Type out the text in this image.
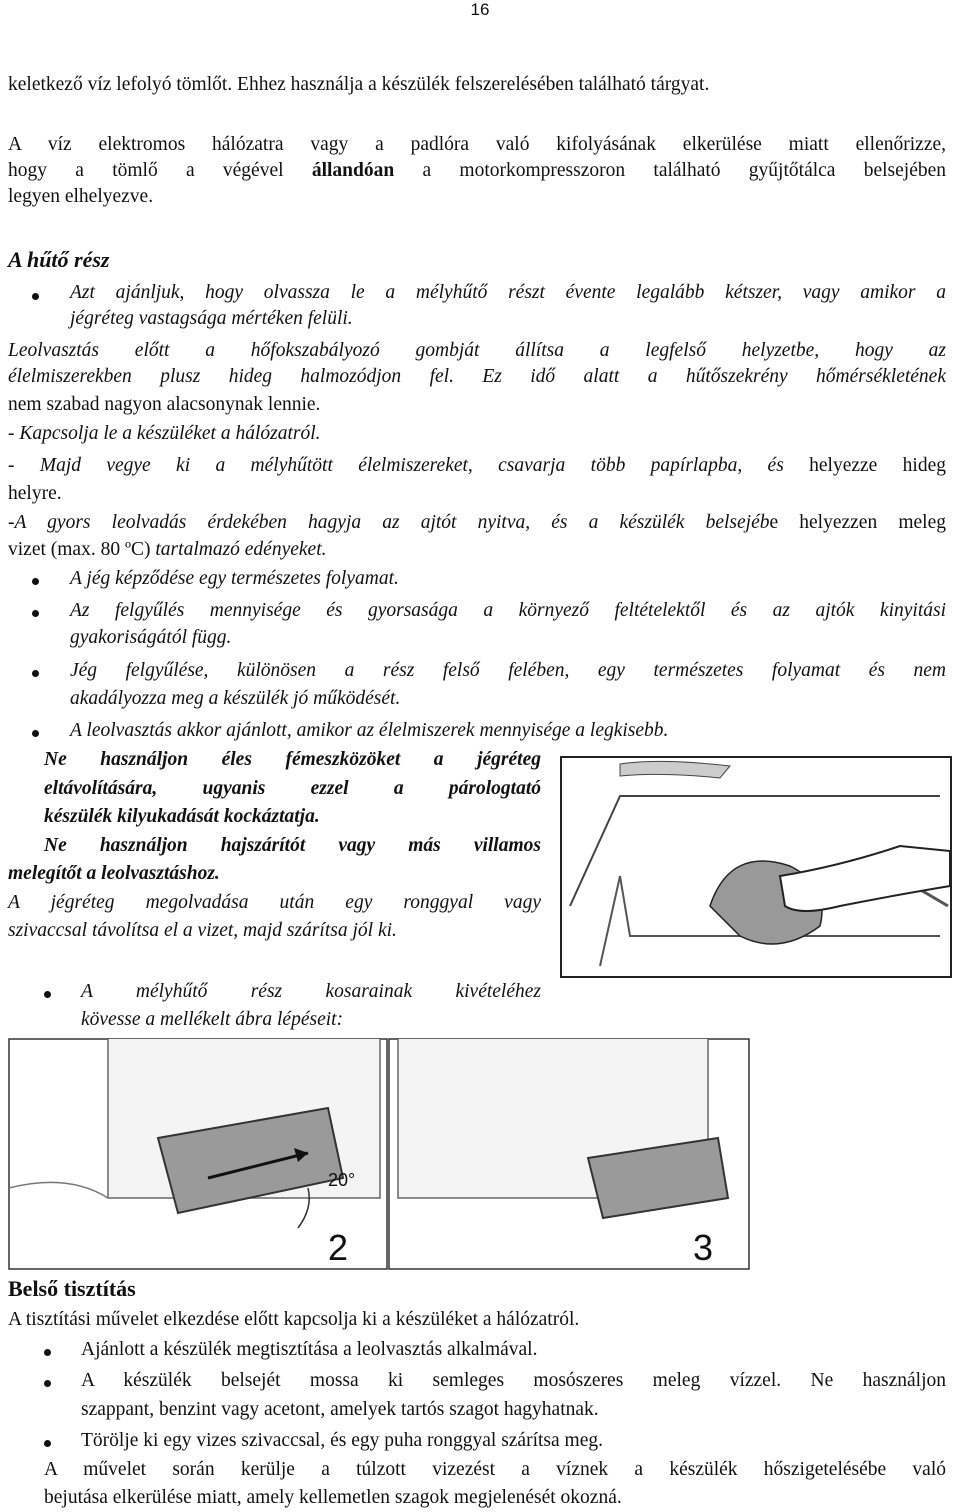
16
keletkező víz lefolyó tömlőt. Ehhez használja a készülék felszerelésében található tárgyat.
A víz elektromos hálózatra vagy a padlóra való kifolyásának elkerülése miatt ellenőrizze,
hogy a tömlő a végével állandóan a motorkompresszoron található gyűjtőtálca belsejében
legyen elhelyezve.
A hűtő rész
Azt ajánljuk, hogy olvassza le a mélyhűtő részt évente legalább kétszer, vagy amikor a
jégréteg vastagsága mértéken felüli.
Leolvasztás előtt a hőfokszabályozó gombját állítsa a legfelső helyzetbe, hogy az
élelmiszerekben plusz hideg halmozódjon fel. Ez idő alatt a hűtőszekrény hőmérsékletének
nem szabad nagyon alacsonynak lennie.
- Kapcsolja le a készüléket a hálózatról.
- Majd vegye ki a mélyhűtött élelmiszereket, csavarja több papírlapba, és helyezze hideg
helyre.
-A gyors leolvadás érdekében hagyja az ajtót nyitva, és a készülék belsejébe helyezzen meleg
vizet (max. 80 ºC) tartalmazó edényeket.
A jég képződése egy természetes folyamat.
Az felgyűlés mennyisége és gyorsasága a környező feltételektől és az ajtók kinyitási
gyakoriságától függ.
Jég felgyűlése, különösen a rész felső felében, egy természetes folyamat és nem
akadályozza meg a készülék jó működését.
A leolvasztás akkor ajánlott, amikor az élelmiszerek mennyisége a legkisebb.
Ne használjon éles fémeszközöket a jégréteg
eltávolítására, ugyanis ezzel a párologtató
készülék kilyukadását kockáztatja.
Ne használjon hajszárítót vagy más villamos
melegítőt a leolvasztáshoz.
A jégréteg megolvadása után egy ronggyal vagy
szivaccsal távolítsa el a vizet, majd szárítsa jól ki.
A mélyhűtő rész kosarainak kivételéhez
kövesse a mellékelt ábra lépéseit:
20°
2	3
Belső tisztítás
A tisztítási művelet elkezdése előtt kapcsolja ki a készüléket a hálózatról.
Ajánlott a készülék megtisztítása a leolvasztás alkalmával.
A készülék belsejét mossa ki semleges mosószeres meleg vízzel. Ne használjon
szappant, benzint vagy acetont, amelyek tartós szagot hagyhatnak.
Törölje ki egy vizes szivaccsal, és egy puha ronggyal szárítsa meg.
A művelet során kerülje a túlzott vizezést a víznek a készülék hőszigetelésébe való
bejutása elkerülése miatt, amely kellemetlen szagok megjelenését okozná.
